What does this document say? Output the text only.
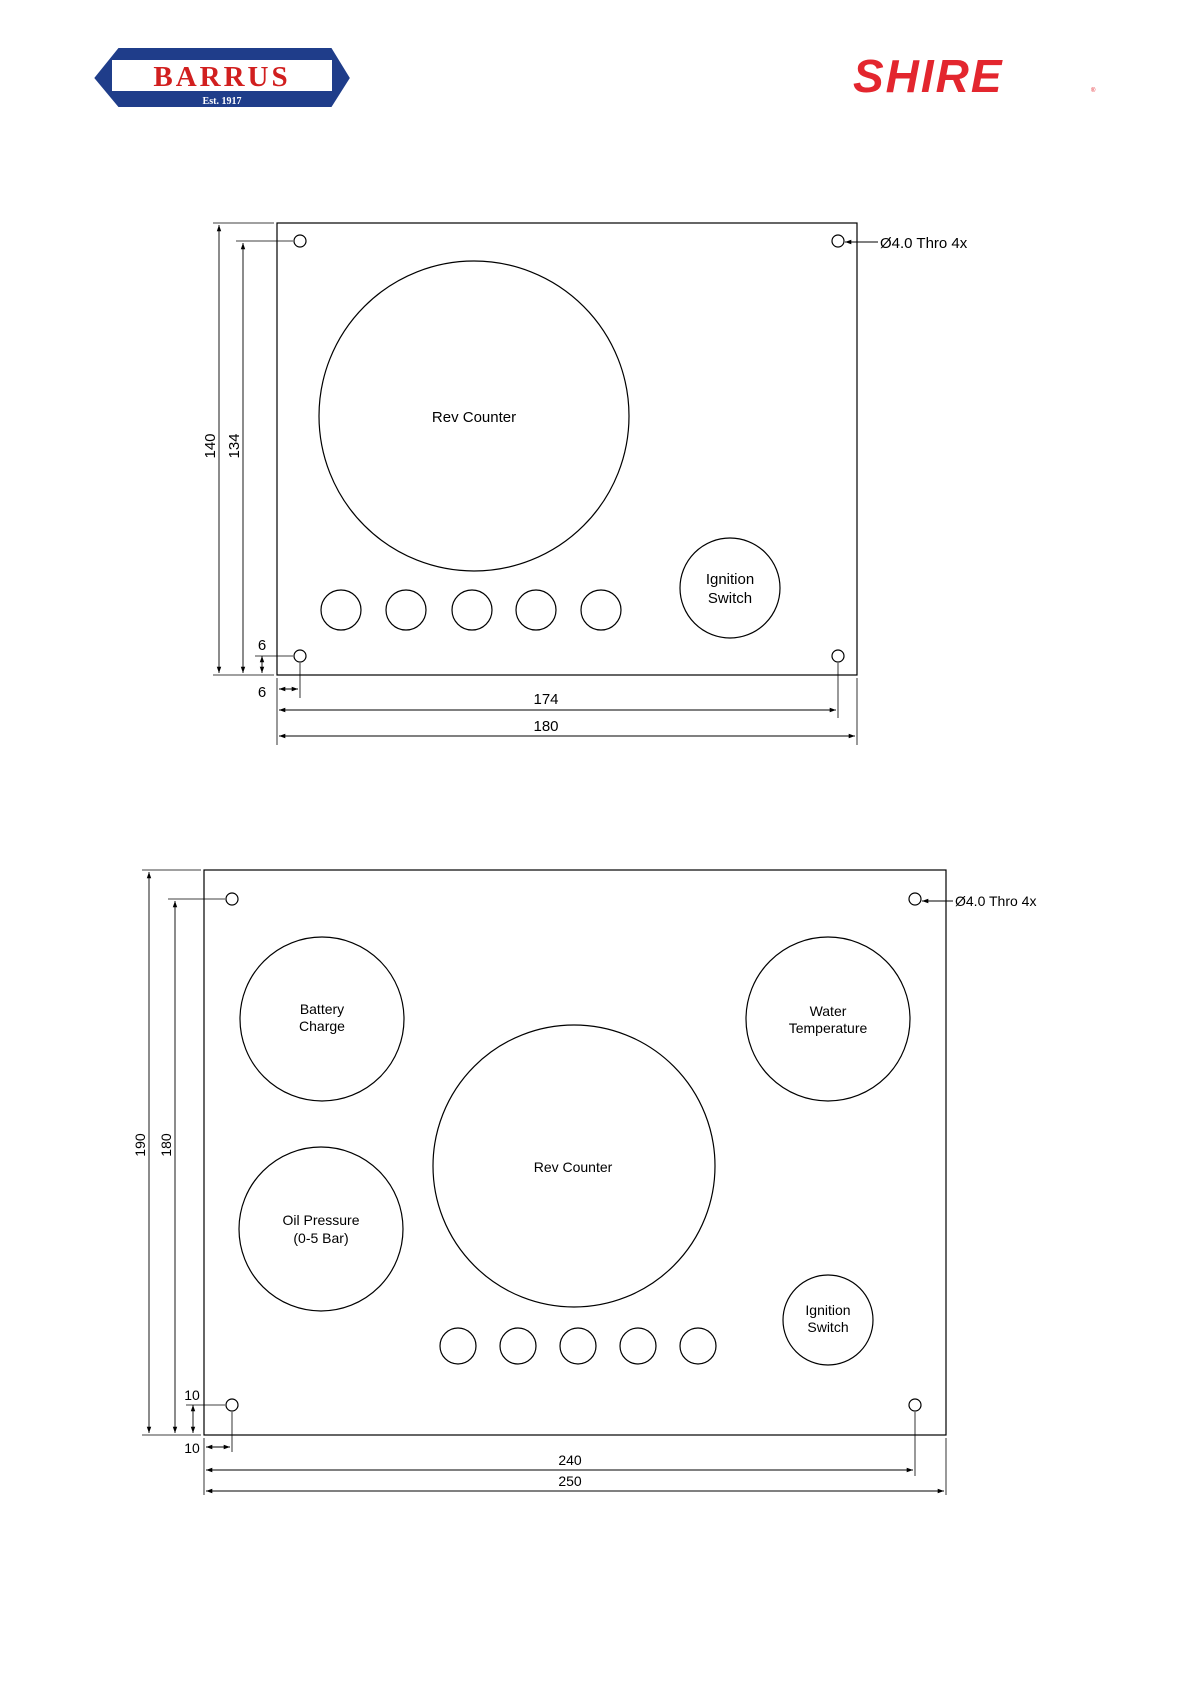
BARRUS
Est. 1917	SHIRE	®
Rev Counter
Ignition
Switch
Ø4.0 Thro 4x
140 134
6
6	174
180
Battery
Charge
Water
Temperature
Rev Counter
Oil Pressure
(0-5 Bar)
Ignition
Switch
Ø4.0 Thro 4x
190 180
10
10
240
250
